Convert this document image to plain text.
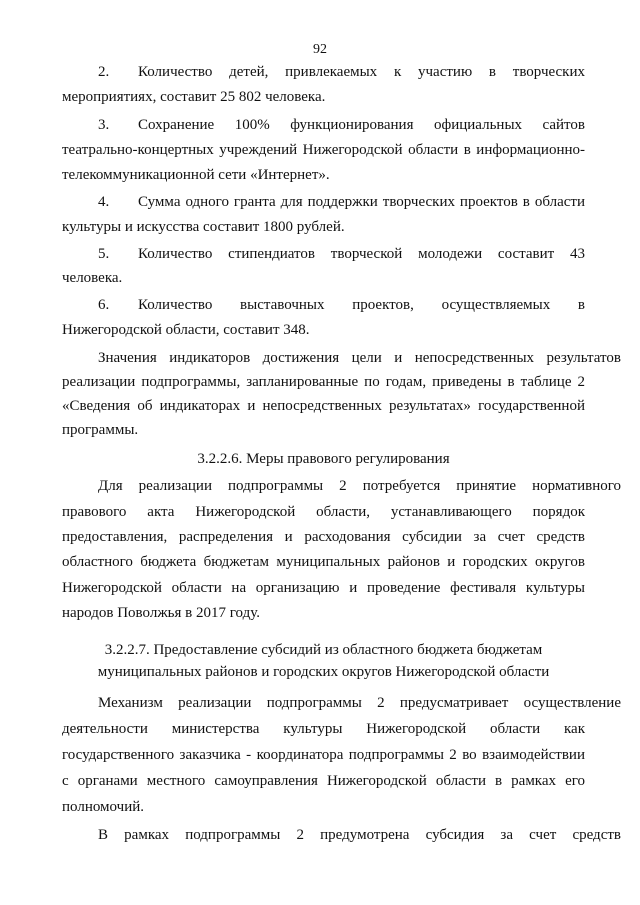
92
2. Количество детей, привлекаемых к участию в творческих
мероприятиях, составит 25 802 человека.
3. Сохранение 100% функционирования официальных сайтов
театрально-концертных учреждений Нижегородской области в информационно-
телекоммуникационной сети «Интернет».
4. Сумма одного гранта для поддержки творческих проектов в области
культуры и искусства составит 1800 рублей.
5. Количество стипендиатов творческой молодежи составит 43
человека.
6. Количество выставочных проектов, осуществляемых в
Нижегородской области, составит 348.
Значения индикаторов достижения цели и непосредственных результатов
реализации подпрограммы, запланированные по годам, приведены в таблице 2
«Сведения об индикаторах и непосредственных результатах» государственной
программы.
3.2.2.6. Меры правового регулирования
Для реализации подпрограммы 2 потребуется принятие нормативного
правового акта Нижегородской области, устанавливающего порядок
предоставления, распределения и расходования субсидии за счет средств
областного бюджета бюджетам муниципальных районов и городских округов
Нижегородской области на организацию и проведение фестиваля культуры
народов Поволжья в 2017 году.
3.2.2.7. Предоставление субсидий из областного бюджета бюджетам
муниципальных районов и городских округов Нижегородской области
Механизм реализации подпрограммы 2 предусматривает осуществление
деятельности министерства культуры Нижегородской области как
государственного заказчика - координатора подпрограммы 2 во взаимодействии
с органами местного самоуправления Нижегородской области в рамках его
полномочий.
В рамках подпрограммы 2 предумотрена субсидия за счет средств
